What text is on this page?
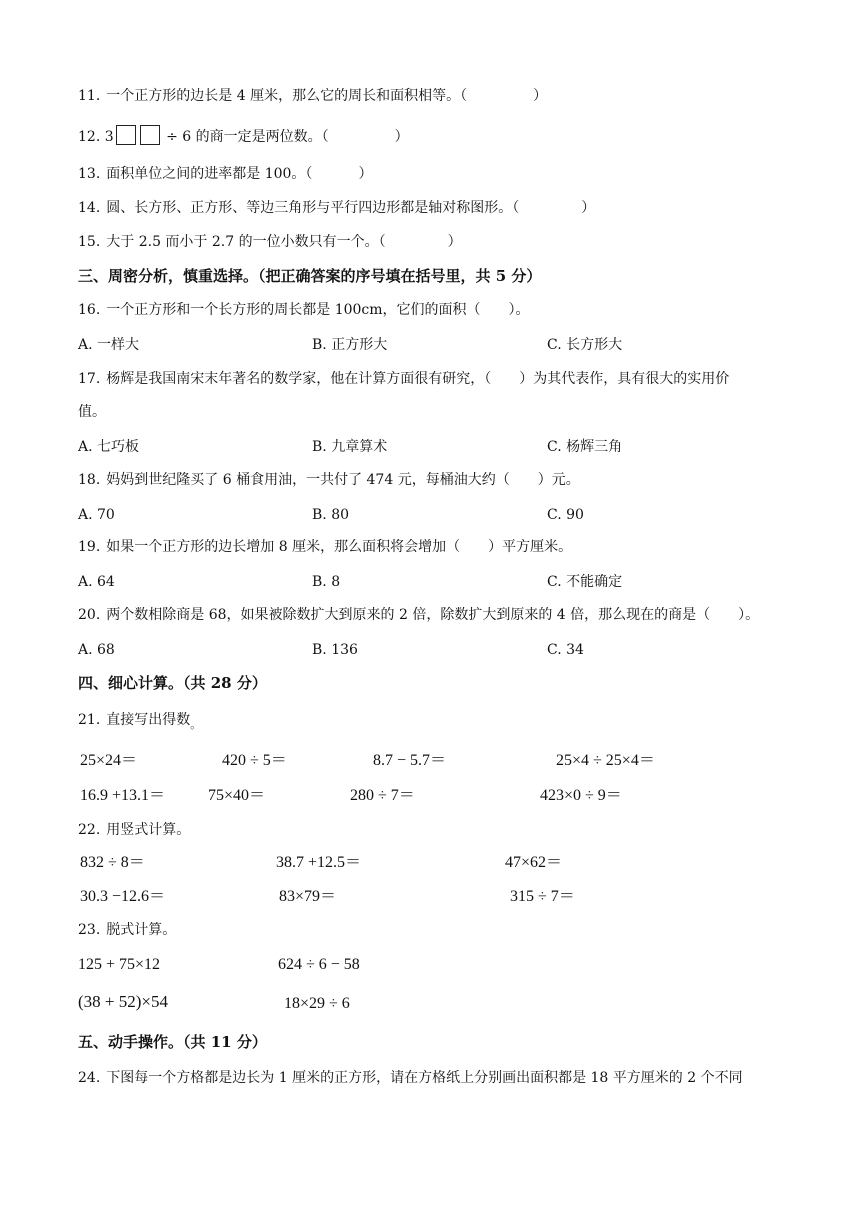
11. 一个正方形的边长是 4 厘米，那么它的周长和面积相等。（	）
12. 3	÷ 6 的商一定是两位数。（	）
13. 面积单位之间的进率都是 100。（	）
14. 圆、长方形、正方形、等边三角形与平行四边形都是轴对称图形。（	）
15. 大于 2.5 而小于 2.7 的一位小数只有一个。（	）
三、周密分析，慎重选择。（把正确答案的序号填在括号里，共 5 分）
16. 一个正方形和一个长方形的周长都是 100cm，它们的面积（　　）。
A. 一样大	B. 正方形大	C. 长方形大
17. 杨辉是我国南宋末年著名的数学家，他在计算方面很有研究，（　　）为其代表作，具有很大的实用价
值。
A. 七巧板	B. 九章算术	C. 杨辉三角
18. 妈妈到世纪隆买了 6 桶食用油，一共付了 474 元，每桶油大约（　　）元。
A. 70	B. 80	C. 90
19. 如果一个正方形的边长增加 8 厘米，那么面积将会增加（　　）平方厘米。
A. 64	B. 8	C. 不能确定
20. 两个数相除商是 68，如果被除数扩大到原来的 2 倍，除数扩大到原来的 4 倍，那么现在的商是（　　）。
A. 68	B. 136	C. 34
四、细心计算。（共 28 分）
21. 直接写出得数$_。$
25×24＝	420 ÷ 5＝	8.7 − 5.7＝	25×4 ÷ 25×4＝
16.9 +13.1＝	75×40＝	280 ÷ 7＝	423×0 ÷ 9＝
22. 用竖式计算。
832 ÷ 8＝	38.7 +12.5＝	47×62＝
30.3 −12.6＝	83×79＝	315 ÷ 7＝
23. 脱式计算。
125 + 75×12	624 ÷ 6 − 58
(38 + 52)×54	18×29 ÷ 6
五、动手操作。（共 11 分）
24. 下图每一个方格都是边长为 1 厘米的正方形，请在方格纸上分别画出面积都是 18 平方厘米的 2 个不同
